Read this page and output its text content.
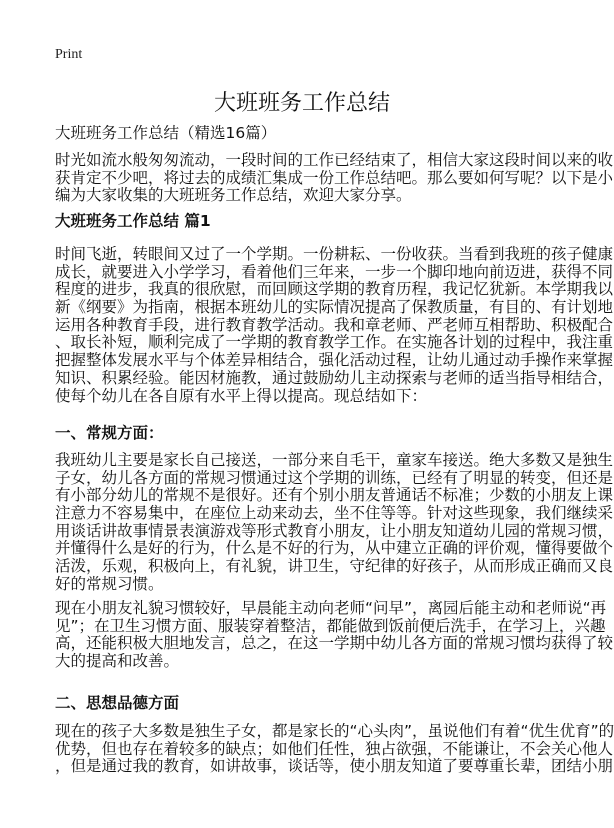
Print
大班班务工作总结
大班班务工作总结（精选16篇）
时光如流水般匆匆流动，一段时间的工作已经结束了，相信大家这段时间以来的收
获肯定不少吧，将过去的成绩汇集成一份工作总结吧。那么要如何写呢？以下是小
编为大家收集的大班班务工作总结，欢迎大家分享。
大班班务工作总结 篇1
时间飞逝，转眼间又过了一个学期。一份耕耘、一份收获。当看到我班的孩子健康
成长，就要进入小学学习，看着他们三年来，一步一个脚印地向前迈进，获得不同
程度的进步，我真的很欣慰，而回顾这学期的教育历程，我记忆犹新。本学期我以
新《纲要》为指南，根据本班幼儿的实际情况提高了保教质量，有目的、有计划地
运用各种教育手段，进行教育教学活动。我和章老师、严老师互相帮助、积极配合
、取长补短，顺利完成了一学期的教育教学工作。在实施各计划的过程中，我注重
把握整体发展水平与个体差异相结合，强化活动过程，让幼儿通过动手操作来掌握
知识、积累经验。能因材施教，通过鼓励幼儿主动探索与老师的适当指导相结合，
使每个幼儿在各自原有水平上得以提高。现总结如下：
一、常规方面：
我班幼儿主要是家长自己接送，一部分来自毛干，童家车接送。绝大多数又是独生
子女，幼儿各方面的常规习惯通过这个学期的训练，已经有了明显的转变，但还是
有小部分幼儿的常规不是很好。还有个别小朋友普通话不标准；少数的小朋友上课
注意力不容易集中，在座位上动来动去，坐不住等等。针对这些现象，我们继续采
用谈话讲故事情景表演游戏等形式教育小朋友，让小朋友知道幼儿园的常规习惯，
并懂得什么是好的行为，什么是不好的行为，从中建立正确的评价观，懂得要做个
活泼，乐观，积极向上，有礼貌，讲卫生，守纪律的好孩子，从而形成正确而又良
好的常规习惯。
现在小朋友礼貌习惯较好，早晨能主动向老师“问早”，离园后能主动和老师说“再
见”；在卫生习惯方面、服装穿着整洁，都能做到饭前便后洗手，在学习上，兴趣
高，还能积极大胆地发言，总之，在这一学期中幼儿各方面的常规习惯均获得了较
大的提高和改善。
二、思想品德方面
现在的孩子大多数是独生子女，都是家长的“心头肉”，虽说他们有着“优生优育”的
优势，但也存在着较多的缺点；如他们任性，独占欲强，不能谦让，不会关心他人
，但是通过我的教育，如讲故事，谈话等，使小朋友知道了要尊重长辈，团结小朋
